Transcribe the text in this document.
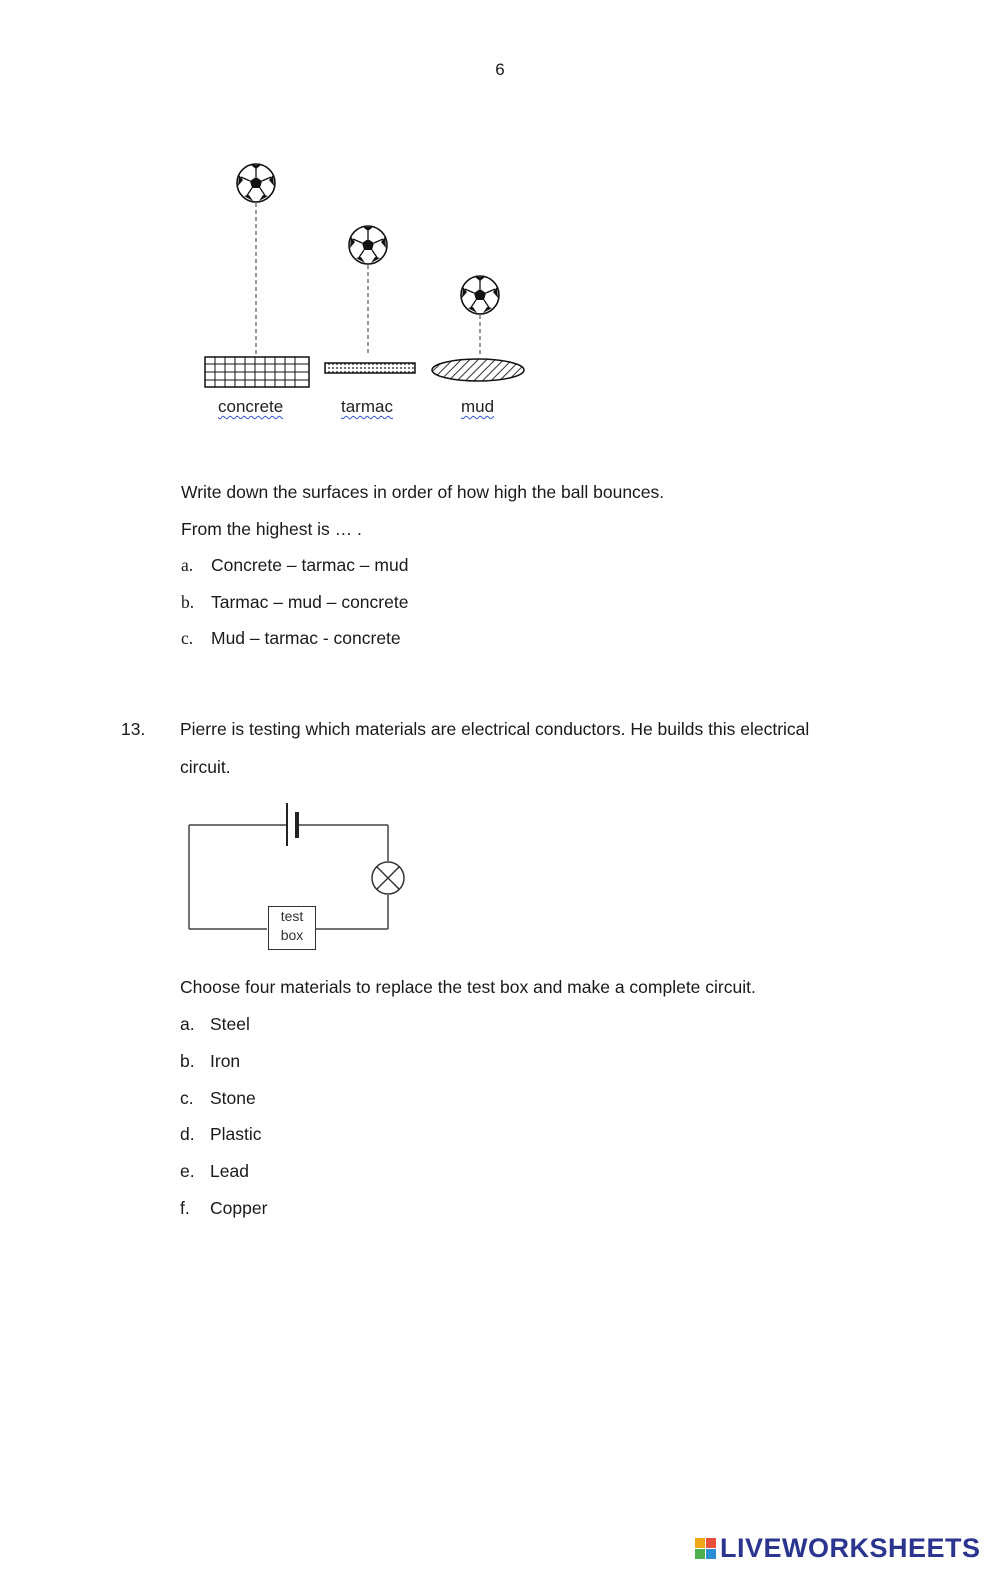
6
concrete	tarmac	mud
Write down the surfaces in order of how high the ball bounces.
From the highest is … .
a. Concrete – tarmac – mud
b. Tarmac – mud – concrete
c. Mud – tarmac - concrete
13. Pierre is testing which materials are electrical conductors. He builds this electrical
circuit.
test
box
Choose four materials to replace the test box and make a complete circuit.
a. Steel
b. Iron
c. Stone
d. Plastic
e. Lead
f. Copper
LIVEWORKSHEETS
